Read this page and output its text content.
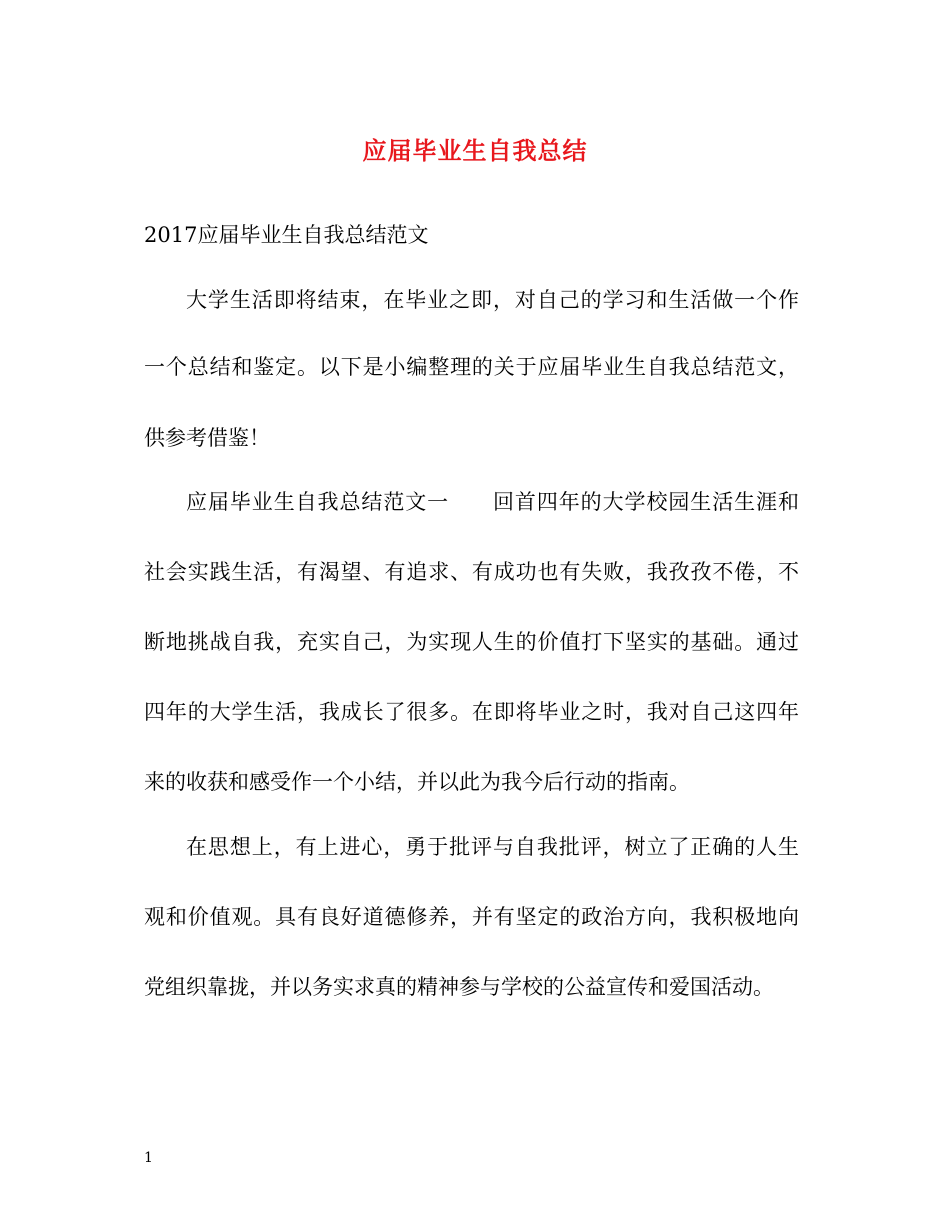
应届毕业生自我总结
2017应届毕业生自我总结范文
大学生活即将结束，在毕业之即，对自己的学习和生活做一个作
一个总结和鉴定。以下是小编整理的关于应届毕业生自我总结范文，
供参考借鉴！
应届毕业生自我总结范文一　　回首四年的大学校园生活生涯和
社会实践生活，有渴望、有追求、有成功也有失败，我孜孜不倦，不
断地挑战自我，充实自己，为实现人生的价值打下坚实的基础。通过
四年的大学生活，我成长了很多。在即将毕业之时，我对自己这四年
来的收获和感受作一个小结，并以此为我今后行动的指南。
在思想上，有上进心，勇于批评与自我批评，树立了正确的人生
观和价值观。具有良好道德修养，并有坚定的政治方向，我积极地向
党组织靠拢，并以务实求真的精神参与学校的公益宣传和爱国活动。
1
